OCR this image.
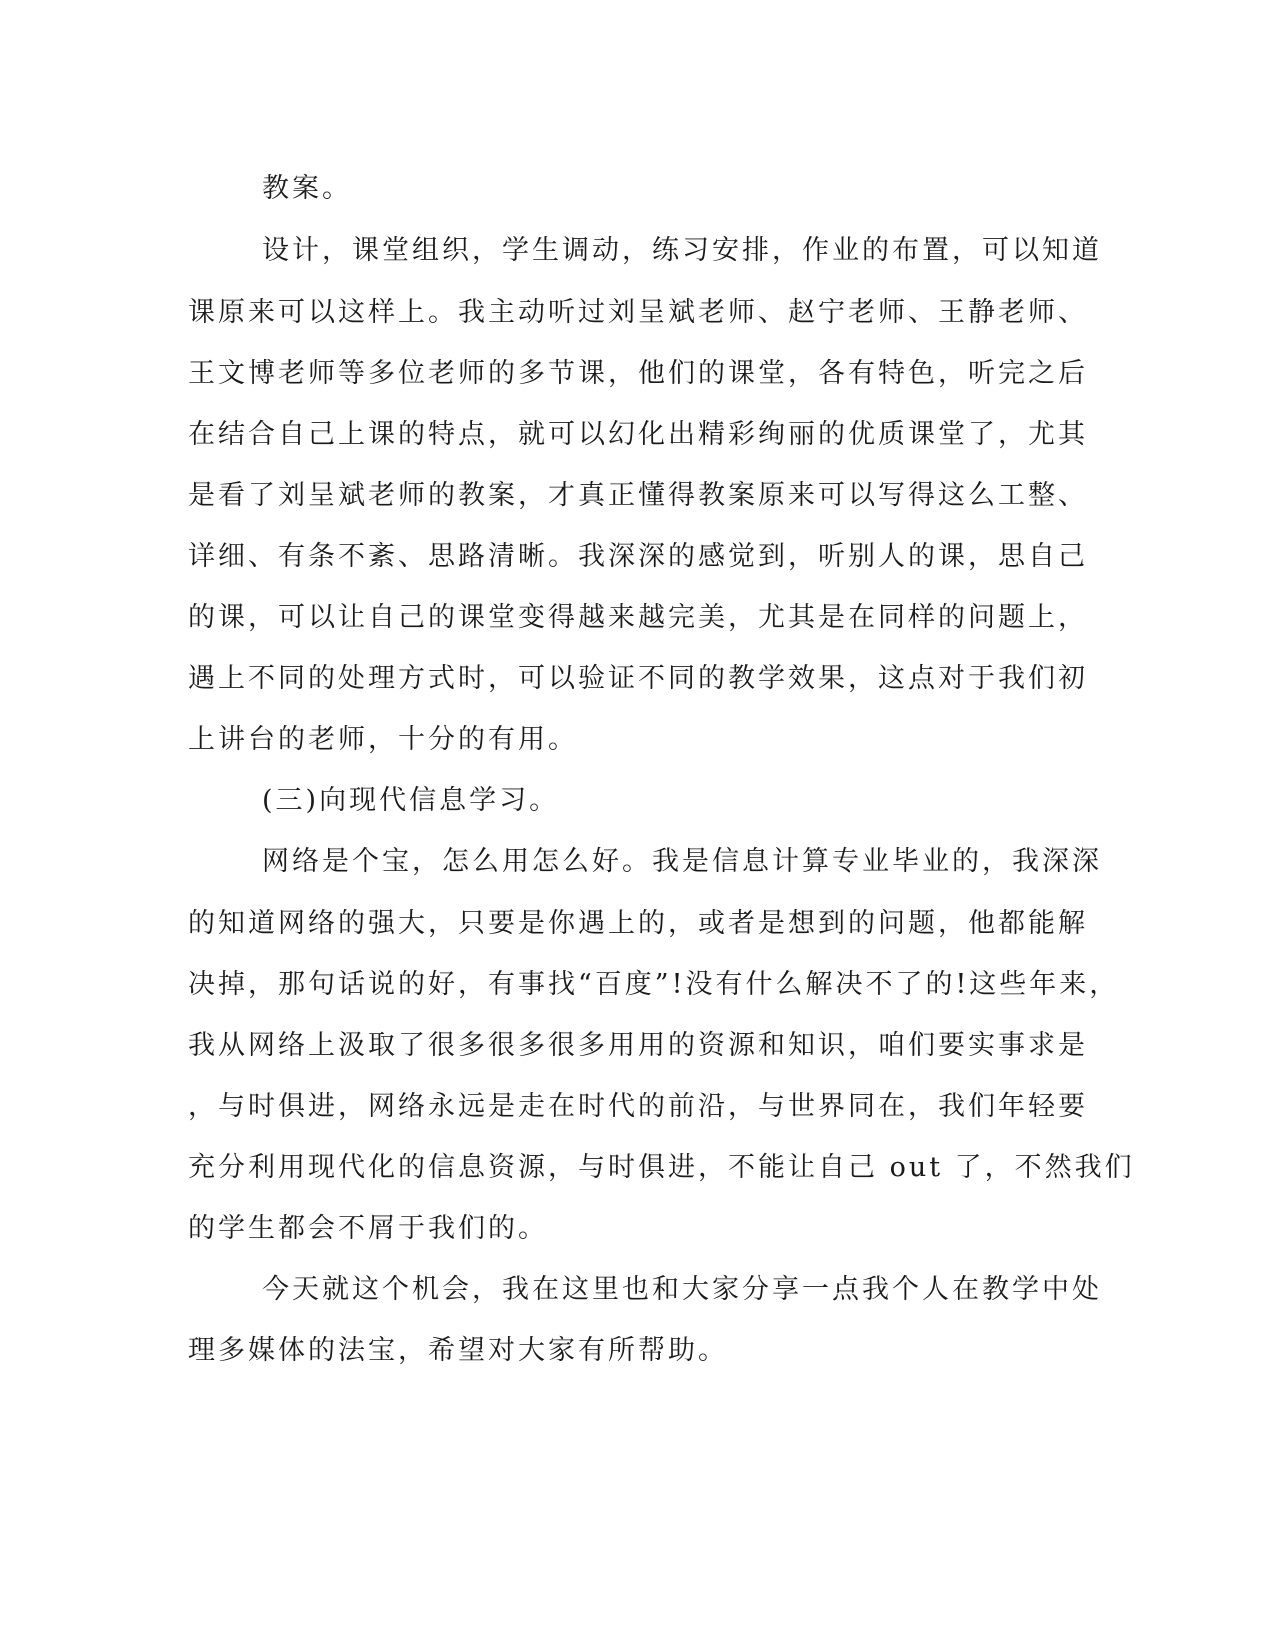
教案。

设计，课堂组织，学生调动，练习安排，作业的布置，可以知道

课原来可以这样上。我主动听过刘呈斌老师、赵宁老师、王静老师、

王文博老师等多位老师的多节课，他们的课堂，各有特色，听完之后

在结合自己上课的特点，就可以幻化出精彩绚丽的优质课堂了，尤其

是看了刘呈斌老师的教案，才真正懂得教案原来可以写得这么工整、

详细、有条不紊、思路清晰。我深深的感觉到，听别人的课，思自己

的课，可以让自己的课堂变得越来越完美，尤其是在同样的问题上，

遇上不同的处理方式时，可以验证不同的教学效果，这点对于我们初

上讲台的老师，十分的有用。

(三)向现代信息学习。

网络是个宝，怎么用怎么好。我是信息计算专业毕业的，我深深

的知道网络的强大，只要是你遇上的，或者是想到的问题，他都能解

决掉，那句话说的好，有事找“百度”!没有什么解决不了的!这些年来，

我从网络上汲取了很多很多很多用用的资源和知识，咱们要实事求是

，与时俱进，网络永远是走在时代的前沿，与世界同在，我们年轻要

充分利用现代化的信息资源，与时俱进，不能让自己 out 了，不然我们

的学生都会不屑于我们的。

今天就这个机会，我在这里也和大家分享一点我个人在教学中处

理多媒体的法宝，希望对大家有所帮助。
